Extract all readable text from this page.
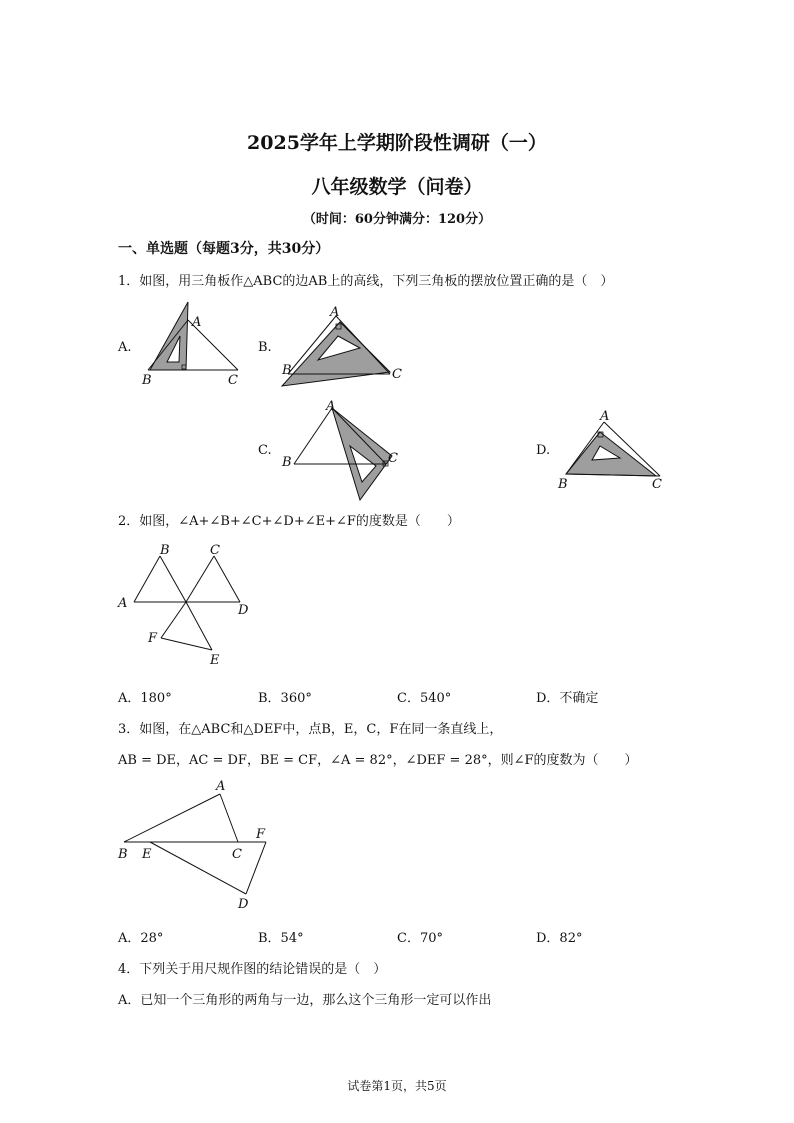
2025学年上学期阶段性调研（一）
八年级数学（问卷）
（时间：60分钟满分：120分）
一、单选题（每题3分，共30分）
1．如图，用三角板作△ABC的边AB上的高线，下列三角板的摆放位置正确的是（　）
A.
A
B	C
B.
A
B	C
C.
A
B	C
D.
A
B	C
2．如图，∠A+∠B+∠C+∠D+∠E+∠F的度数是（　　）
A
B	C
D
E
F
A．180°	B．360°	C．540°	D．不确定
3．如图，在△ABC和△DEF中，点B，E，C，F在同一条直线上，
AB = DE，AC = DF，BE = CF，∠A = 82°，∠DEF = 28°，则∠F的度数为（　　）
A
B E	C
F
D
A．28°	B．54°	C．70°	D．82°
4．下列关于用尺规作图的结论错误的是（　）
A．已知一个三角形的两角与一边，那么这个三角形一定可以作出
试卷第1页，共5页
